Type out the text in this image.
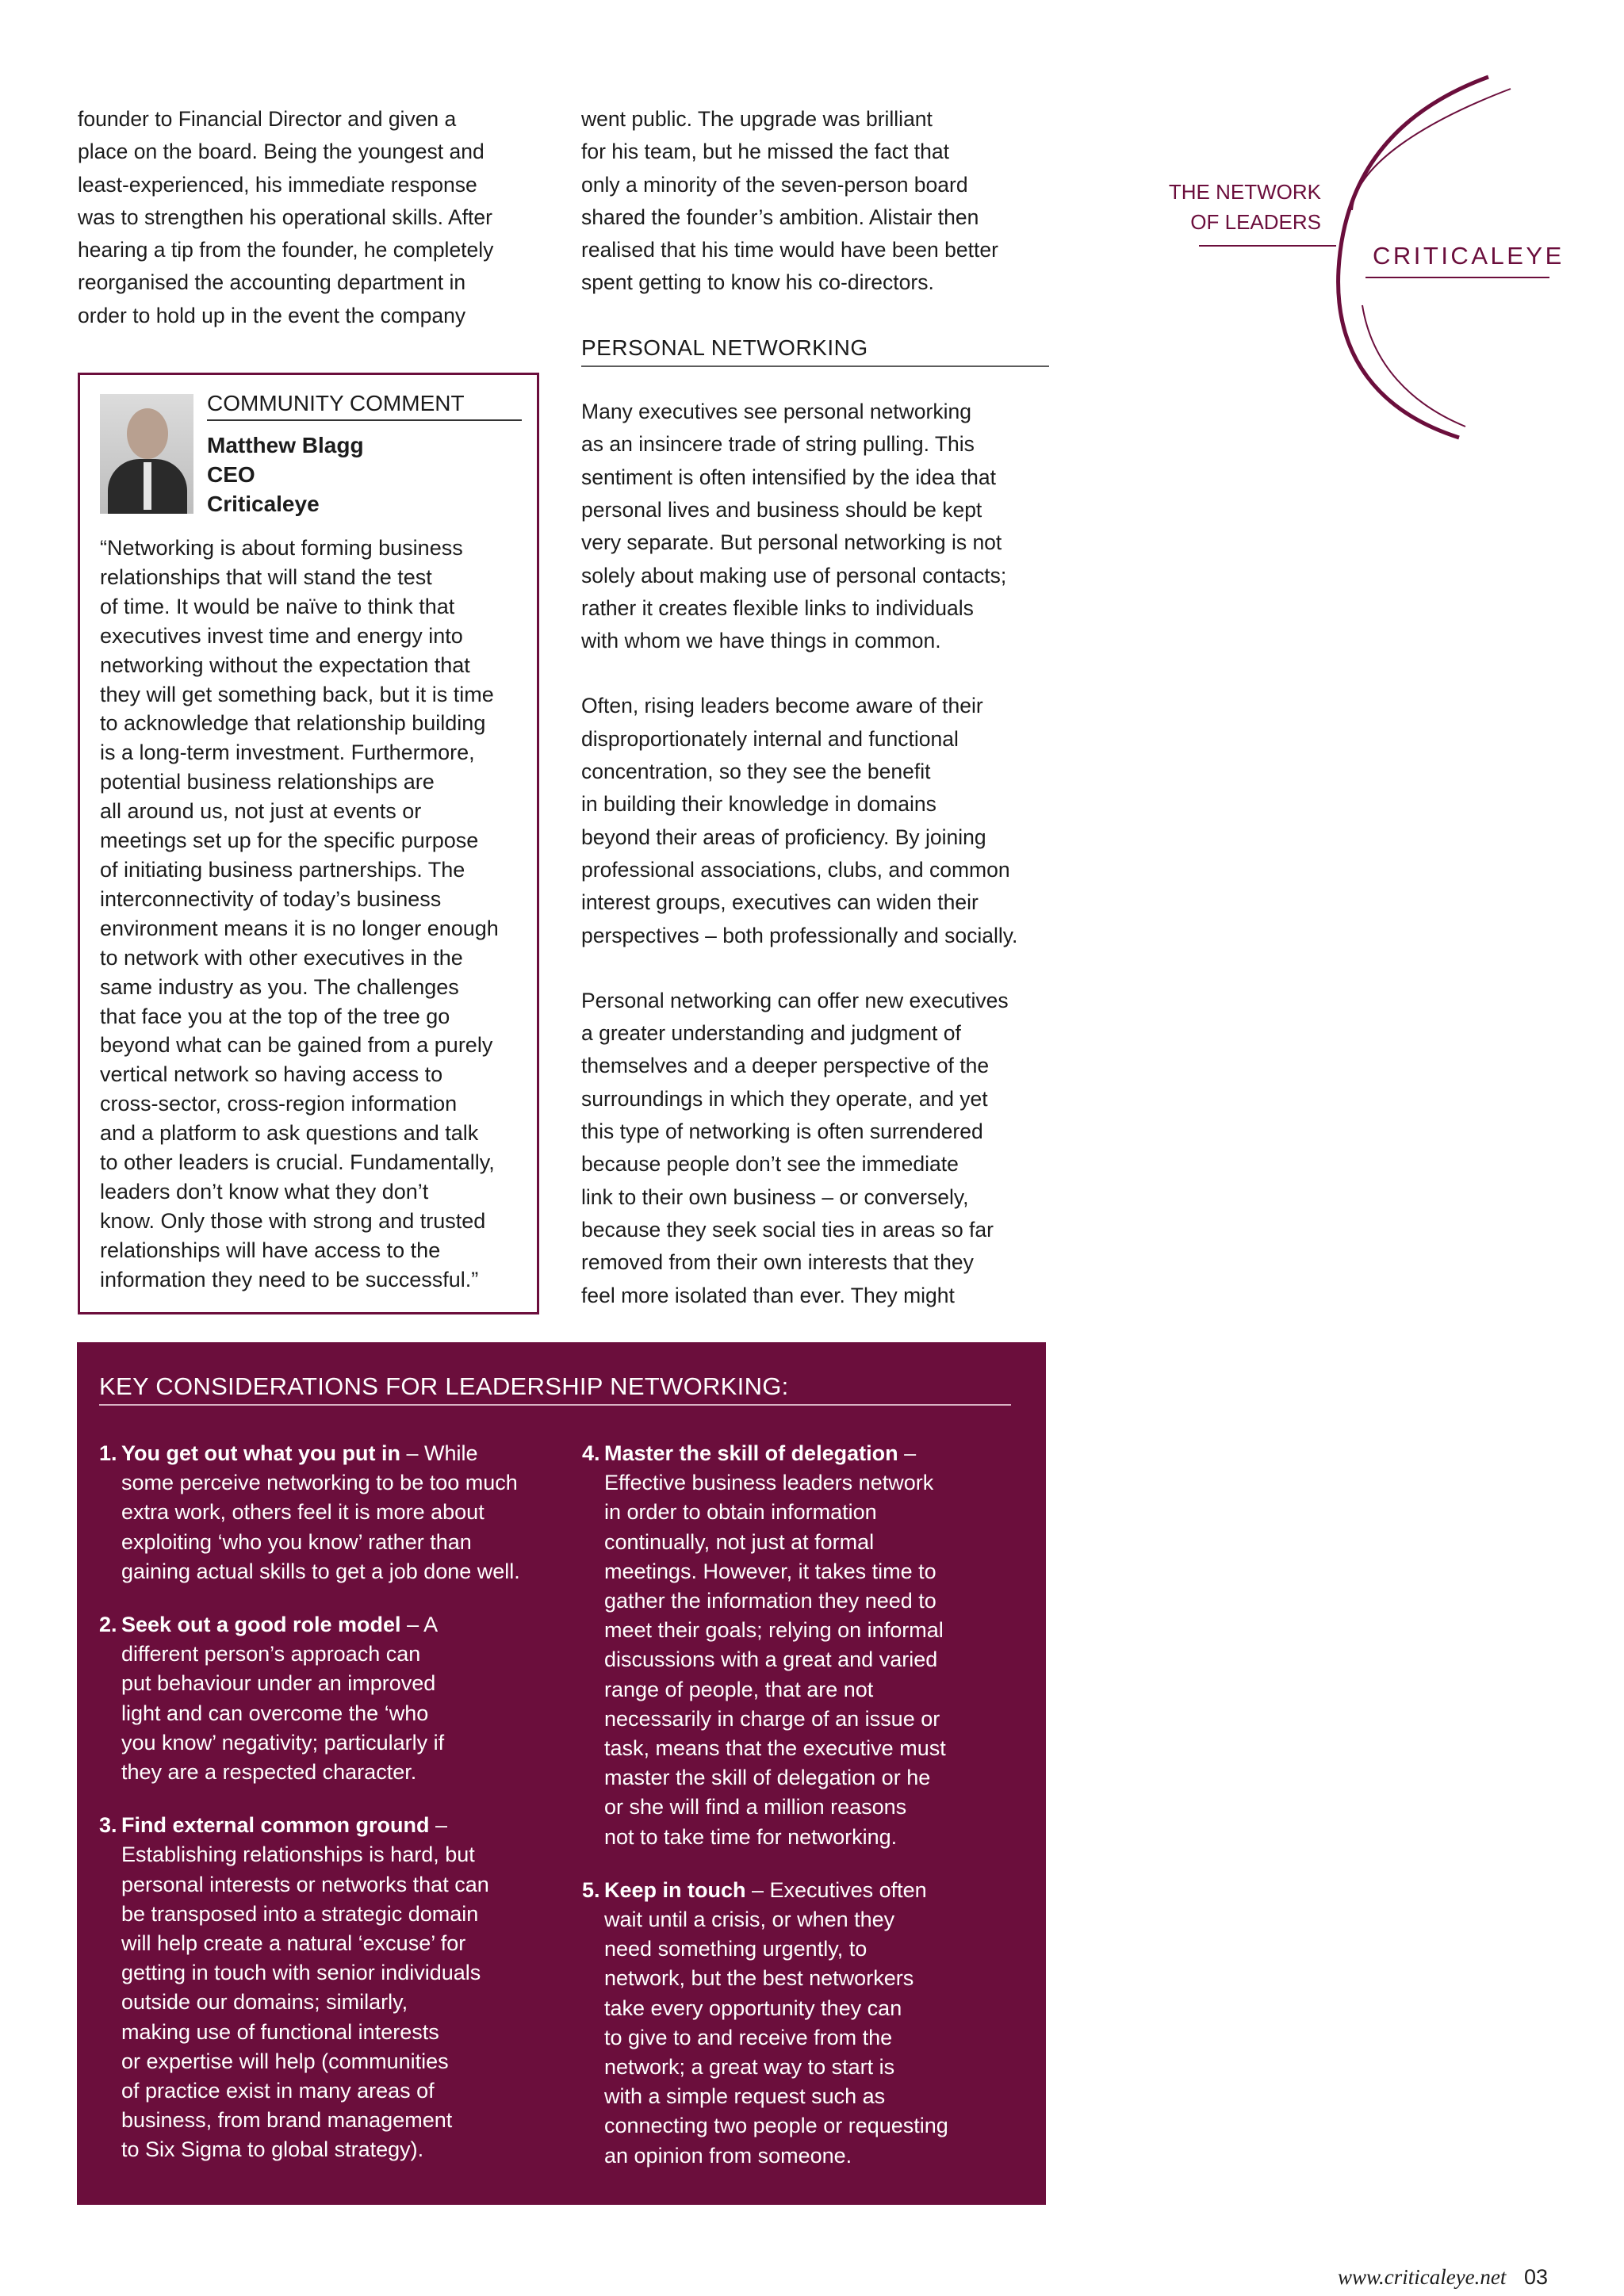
founder to Financial Director and given a
place on the board. Being the youngest and
least-experienced, his immediate response
was to strengthen his operational skills. After
hearing a tip from the founder, he completely
reorganised the accounting department in
order to hold up in the event the company
went public. The upgrade was brilliant
for his team, but he missed the fact that
only a minority of the seven-person board
shared the founder’s ambition. Alistair then
realised that his time would have been better
spent getting to know his co-directors.
PERSONAL NETWORKING
Many executives see personal networking
as an insincere trade of string pulling. This
sentiment is often intensified by the idea that
personal lives and business should be kept
very separate. But personal networking is not
solely about making use of personal contacts;
rather it creates flexible links to individuals
with whom we have things in common.
Often, rising leaders become aware of their
disproportionately internal and functional
concentration, so they see the benefit
in building their knowledge in domains
beyond their areas of proficiency. By joining
professional associations, clubs, and common
interest groups, executives can widen their
perspectives – both professionally and socially.
Personal networking can offer new executives
a greater understanding and judgment of
themselves and a deeper perspective of the
surroundings in which they operate, and yet
this type of networking is often surrendered
because people don’t see the immediate
link to their own business – or conversely,
because they seek social ties in areas so far
removed from their own interests that they
feel more isolated than ever. They might
COMMUNITY COMMENT
Matthew Blagg
CEO
Criticaleye
“Networking is about forming business
relationships that will stand the test
of time. It would be naïve to think that
executives invest time and energy into
networking without the expectation that
they will get something back, but it is time
to acknowledge that relationship building
is a long-term investment. Furthermore,
potential business relationships are
all around us, not just at events or
meetings set up for the specific purpose
of initiating business partnerships. The
interconnectivity of today’s business
environment means it is no longer enough
to network with other executives in the
same industry as you. The challenges
that face you at the top of the tree go
beyond what can be gained from a purely
vertical network so having access to
cross-sector, cross-region information
and a platform to ask questions and talk
to other leaders is crucial. Fundamentally,
leaders don’t know what they don’t
know. Only those with strong and trusted
relationships will have access to the
information they need to be successful.”
THE NETWORK
OF LEADERS
CRITICALEYE
KEY CONSIDERATIONS FOR LEADERSHIP NETWORKING:
1. You get out what you put in – While
some perceive networking to be too much
extra work, others feel it is more about
exploiting ‘who you know’ rather than
gaining actual skills to get a job done well.
2. Seek out a good role model – A
different person’s approach can
put behaviour under an improved
light and can overcome the ‘who
you know’ negativity; particularly if
they are a respected character.
3. Find external common ground –
Establishing relationships is hard, but
personal interests or networks that can
be transposed into a strategic domain
will help create a natural ‘excuse’ for
getting in touch with senior individuals
outside our domains; similarly,
making use of functional interests
or expertise will help (communities
of practice exist in many areas of
business, from brand management
to Six Sigma to global strategy).
4. Master the skill of delegation –
Effective business leaders network
in order to obtain information
continually, not just at formal
meetings. However, it takes time to
gather the information they need to
meet their goals; relying on informal
discussions with a great and varied
range of people, that are not
necessarily in charge of an issue or
task, means that the executive must
master the skill of delegation or he
or she will find a million reasons
not to take time for networking.
5. Keep in touch – Executives often
wait until a crisis, or when they
need something urgently, to
network, but the best networkers
take every opportunity they can
to give to and receive from the
network; a great way to start is
with a simple request such as
connecting two people or requesting
an opinion from someone.
www.criticaleye.net 03
